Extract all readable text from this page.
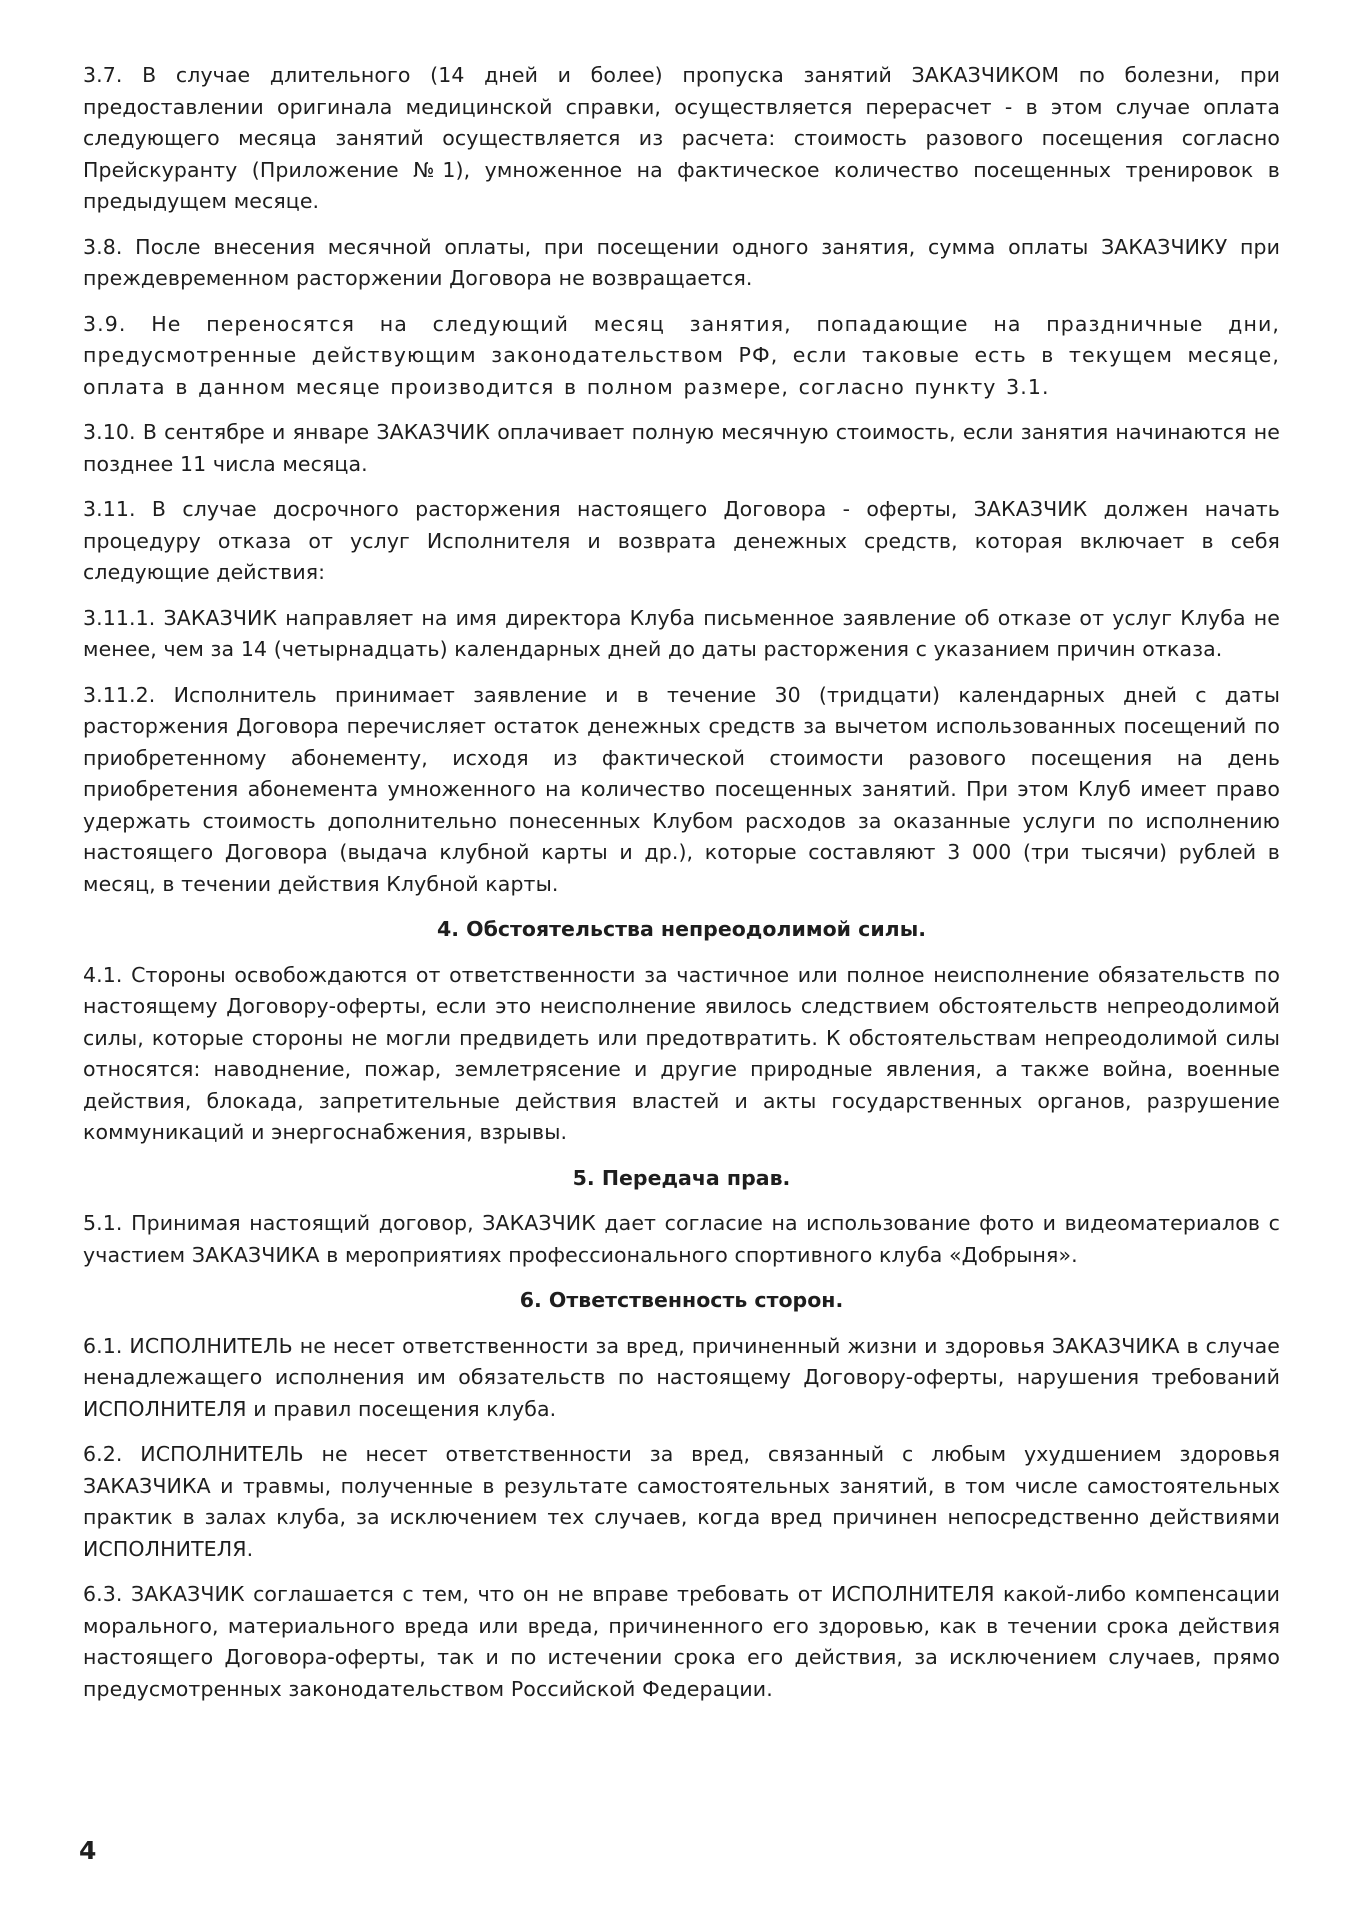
3.7. В случае длительного (14 дней и более) пропуска занятий ЗАКАЗЧИКОМ по болезни, при предоставлении оригинала медицинской справки, осуществляется перерасчет - в этом случае оплата следующего месяца занятий осуществляется из расчета: стоимость разового посещения согласно Прейскуранту (Приложение №1), умноженное на фактическое количество посещенных тренировок в предыдущем месяце.

3.8. После внесения месячной оплаты, при посещении одного занятия, сумма оплаты ЗАКАЗЧИКУ при преждевременном расторжении Договора не возвращается.

3.9. Не переносятся на следующий месяц занятия, попадающие на праздничные дни, предусмотренные действующим законодательством РФ, если таковые есть в текущем месяце, оплата в данном месяце производится в полном размере, согласно пункту 3.1.

3.10. В сентябре и январе ЗАКАЗЧИК оплачивает полную месячную стоимость, если занятия начинаются не позднее 11 числа месяца.

3.11. В случае досрочного расторжения настоящего Договора - оферты, ЗАКАЗЧИК должен начать процедуру отказа от услуг Исполнителя и возврата денежных средств, которая включает в себя следующие действия:

3.11.1. ЗАКАЗЧИК направляет на имя директора Клуба письменное заявление об отказе от услуг Клуба не менее, чем за 14 (четырнадцать) календарных дней до даты расторжения с указанием причин отказа.

3.11.2. Исполнитель принимает заявление и в течение 30 (тридцати) календарных дней с даты расторжения Договора перечисляет остаток денежных средств за вычетом использованных посещений по приобретенному абонементу, исходя из фактической стоимости разового посещения на день приобретения абонемента умноженного на количество посещенных занятий. При этом Клуб имеет право удержать стоимость дополнительно понесенных Клубом расходов за оказанные услуги по исполнению настоящего Договора (выдача клубной карты и др.), которые составляют 3 000 (три тысячи) рублей в месяц, в течении действия Клубной карты.

4. Обстоятельства непреодолимой силы.

4.1. Стороны освобождаются от ответственности за частичное или полное неисполнение обязательств по настоящему Договору-оферты, если это неисполнение явилось следствием обстоятельств непреодолимой силы, которые стороны не могли предвидеть или предотвратить. К обстоятельствам непреодолимой силы относятся: наводнение, пожар, землетрясение и другие природные явления, а также война, военные действия, блокада, запретительные действия властей и акты государственных органов, разрушение коммуникаций и энергоснабжения, взрывы.

5. Передача прав.

5.1. Принимая настоящий договор, ЗАКАЗЧИК дает согласие на использование фото и видеоматериалов с участием ЗАКАЗЧИКА в мероприятиях профессионального спортивного клуба «Добрыня».

6. Ответственность сторон.

6.1. ИСПОЛНИТЕЛЬ не несет ответственности за вред, причиненный жизни и здоровья ЗАКАЗЧИКА в случае ненадлежащего исполнения им обязательств по настоящему Договору-оферты, нарушения требований ИСПОЛНИТЕЛЯ и правил посещения клуба.

6.2. ИСПОЛНИТЕЛЬ не несет ответственности за вред, связанный с любым ухудшением здоровья ЗАКАЗЧИКА и травмы, полученные в результате самостоятельных занятий, в том числе самостоятельных практик в залах клуба, за исключением тех случаев, когда вред причинен непосредственно действиями ИСПОЛНИТЕЛЯ.

6.3. ЗАКАЗЧИК соглашается с тем, что он не вправе требовать от ИСПОЛНИТЕЛЯ какой-либо компенсации морального, материального вреда или вреда, причиненного его здоровью, как в течении срока действия настоящего Договора-оферты, так и по истечении срока его действия, за исключением случаев, прямо предусмотренных законодательством Российской Федерации.

4
